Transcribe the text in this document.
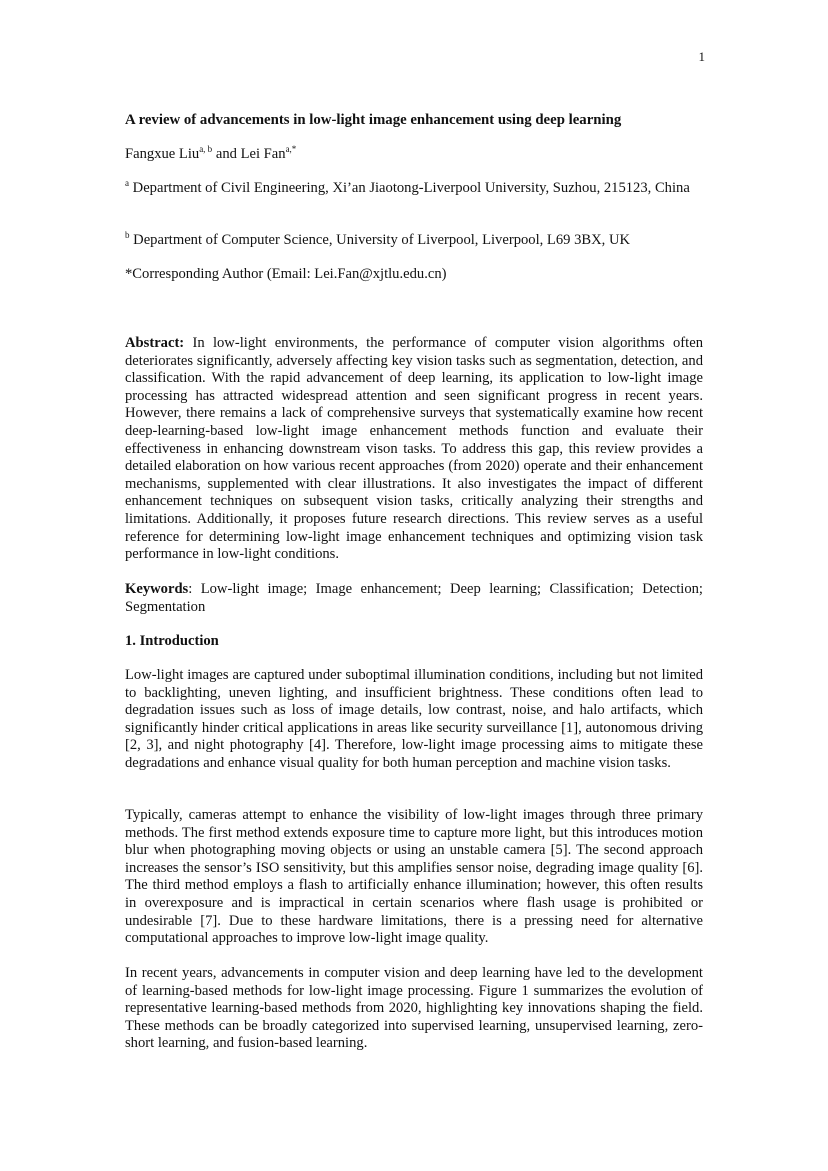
1
A review of advancements in low-light image enhancement using deep learning
Fangxue Liu$^{a, b}$ and Lei Fan$^{a,*}$
$^a$ Department of Civil Engineering, Xi’an Jiaotong-Liverpool University, Suzhou, 215123, China
$^b$ Department of Computer Science, University of Liverpool, Liverpool, L69 3BX, UK
*Corresponding Author (Email: Lei.Fan@xjtlu.edu.cn)
Abstract: In low-light environments, the performance of computer vision algorithms often deteriorates significantly, adversely affecting key vision tasks such as segmentation, detection, and classification. With the rapid advancement of deep learning, its application to low-light image processing has attracted widespread attention and seen significant progress in recent years. However, there remains a lack of comprehensive surveys that systematically examine how recent deep-learning-based low-light image enhancement methods function and evaluate their effectiveness in enhancing downstream vison tasks. To address this gap, this review provides a detailed elaboration on how various recent approaches (from 2020) operate and their enhancement mechanisms, supplemented with clear illustrations. It also investigates the impact of different enhancement techniques on subsequent vision tasks, critically analyzing their strengths and limitations. Additionally, it proposes future research directions. This review serves as a useful reference for determining low-light image enhancement techniques and optimizing vision task performance in low-light conditions.
Keywords: Low-light image; Image enhancement; Deep learning; Classification; Detection; Segmentation
1. Introduction
Low-light images are captured under suboptimal illumination conditions, including but not limited to backlighting, uneven lighting, and insufficient brightness. These conditions often lead to degradation issues such as loss of image details, low contrast, noise, and halo artifacts, which significantly hinder critical applications in areas like security surveillance [1], autonomous driving [2, 3], and night photography [4]. Therefore, low-light image processing aims to mitigate these degradations and enhance visual quality for both human perception and machine vision tasks.
Typically, cameras attempt to enhance the visibility of low-light images through three primary methods. The first method extends exposure time to capture more light, but this introduces motion blur when photographing moving objects or using an unstable camera [5]. The second approach increases the sensor’s ISO sensitivity, but this amplifies sensor noise, degrading image quality [6]. The third method employs a flash to artificially enhance illumination; however, this often results in overexposure and is impractical in certain scenarios where flash usage is prohibited or undesirable [7]. Due to these hardware limitations, there is a pressing need for alternative computational approaches to improve low-light image quality.
In recent years, advancements in computer vision and deep learning have led to the development of learning-based methods for low-light image processing. Figure 1 summarizes the evolution of representative learning-based methods from 2020, highlighting key innovations shaping the field. These methods can be broadly categorized into supervised learning, unsupervised learning, zero-short learning, and fusion-based learning.
